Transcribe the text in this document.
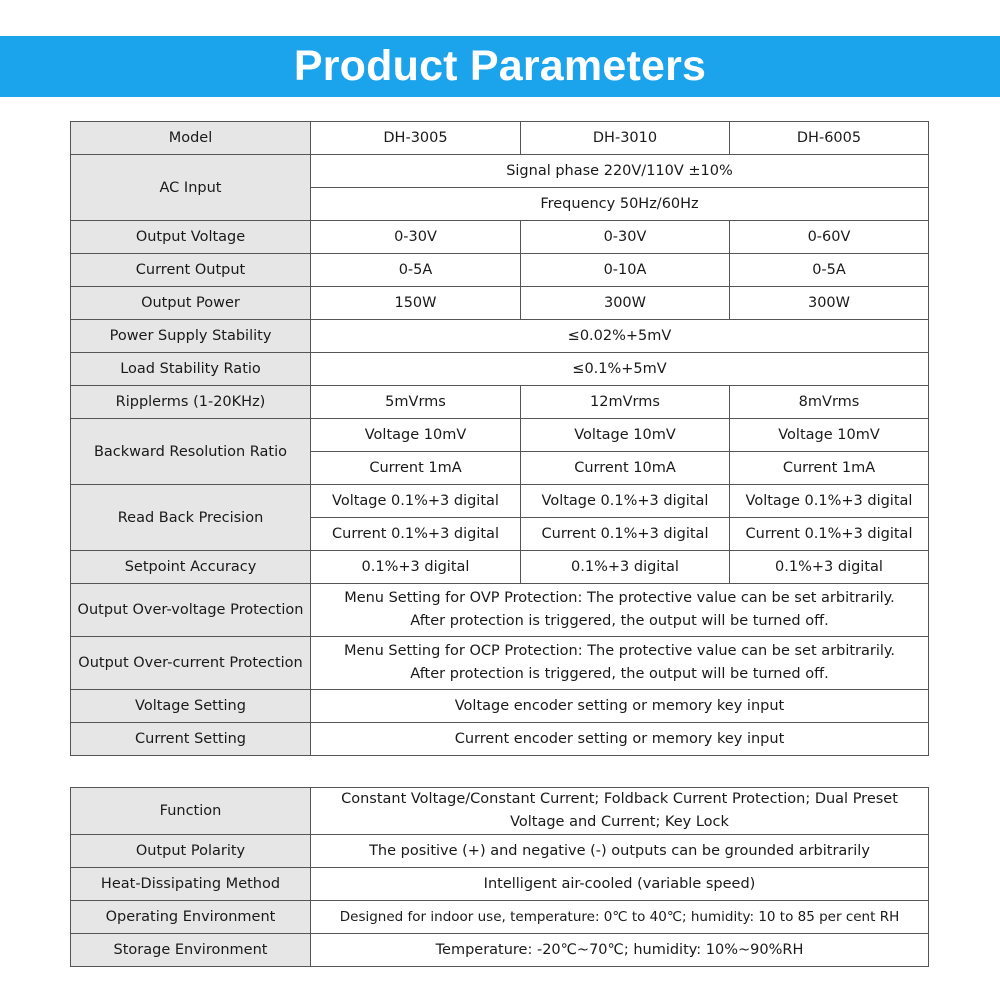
Product Parameters
Model	DH-3005	DH-3010	DH-6005
AC Input	Signal phase 220V/110V ±10%		
	Frequency 50Hz/60Hz		
Output Voltage	0-30V	0-30V	0-60V
Current Output	0-5A	0-10A	0-5A
Output Power	150W	300W	300W
Power Supply Stability	≤0.02%+5mV		
Load Stability Ratio	≤0.1%+5mV		
Ripplerms (1-20KHz)	5mVrms	12mVrms	8mVrms
Backward Resolution Ratio	Voltage 10mV	Voltage 10mV	Voltage 10mV
	Current 1mA	Current 10mA	Current 1mA
Read Back Precision	Voltage 0.1%+3 digital	Voltage 0.1%+3 digital	Voltage 0.1%+3 digital
	Current 0.1%+3 digital	Current 0.1%+3 digital	Current 0.1%+3 digital
Setpoint Accuracy	0.1%+3 digital	0.1%+3 digital	0.1%+3 digital
Output Over-voltage Protection	Menu Setting for OVP Protection: The protective value can be set arbitrarily.
After protection is triggered, the output will be turned off.		

Output Over-current Protection	Menu Setting for OCP Protection: The protective value can be set arbitrarily.
After protection is triggered, the output will be turned off.		

Voltage Setting	Voltage encoder setting or memory key input		
Current Setting	Current encoder setting or memory key input		
Function	Constant Voltage/Constant Current; Foldback Current Protection; Dual Preset
Voltage and Current; Key Lock

Output Polarity	The positive (+) and negative (-) outputs can be grounded arbitrarily
Heat-Dissipating Method	Intelligent air-cooled (variable speed)
Operating Environment	Designed for indoor use, temperature: 0℃ to 40℃; humidity: 10 to 85 per cent RH
Storage Environment	Temperature: -20℃~70℃; humidity: 10%~90%RH
